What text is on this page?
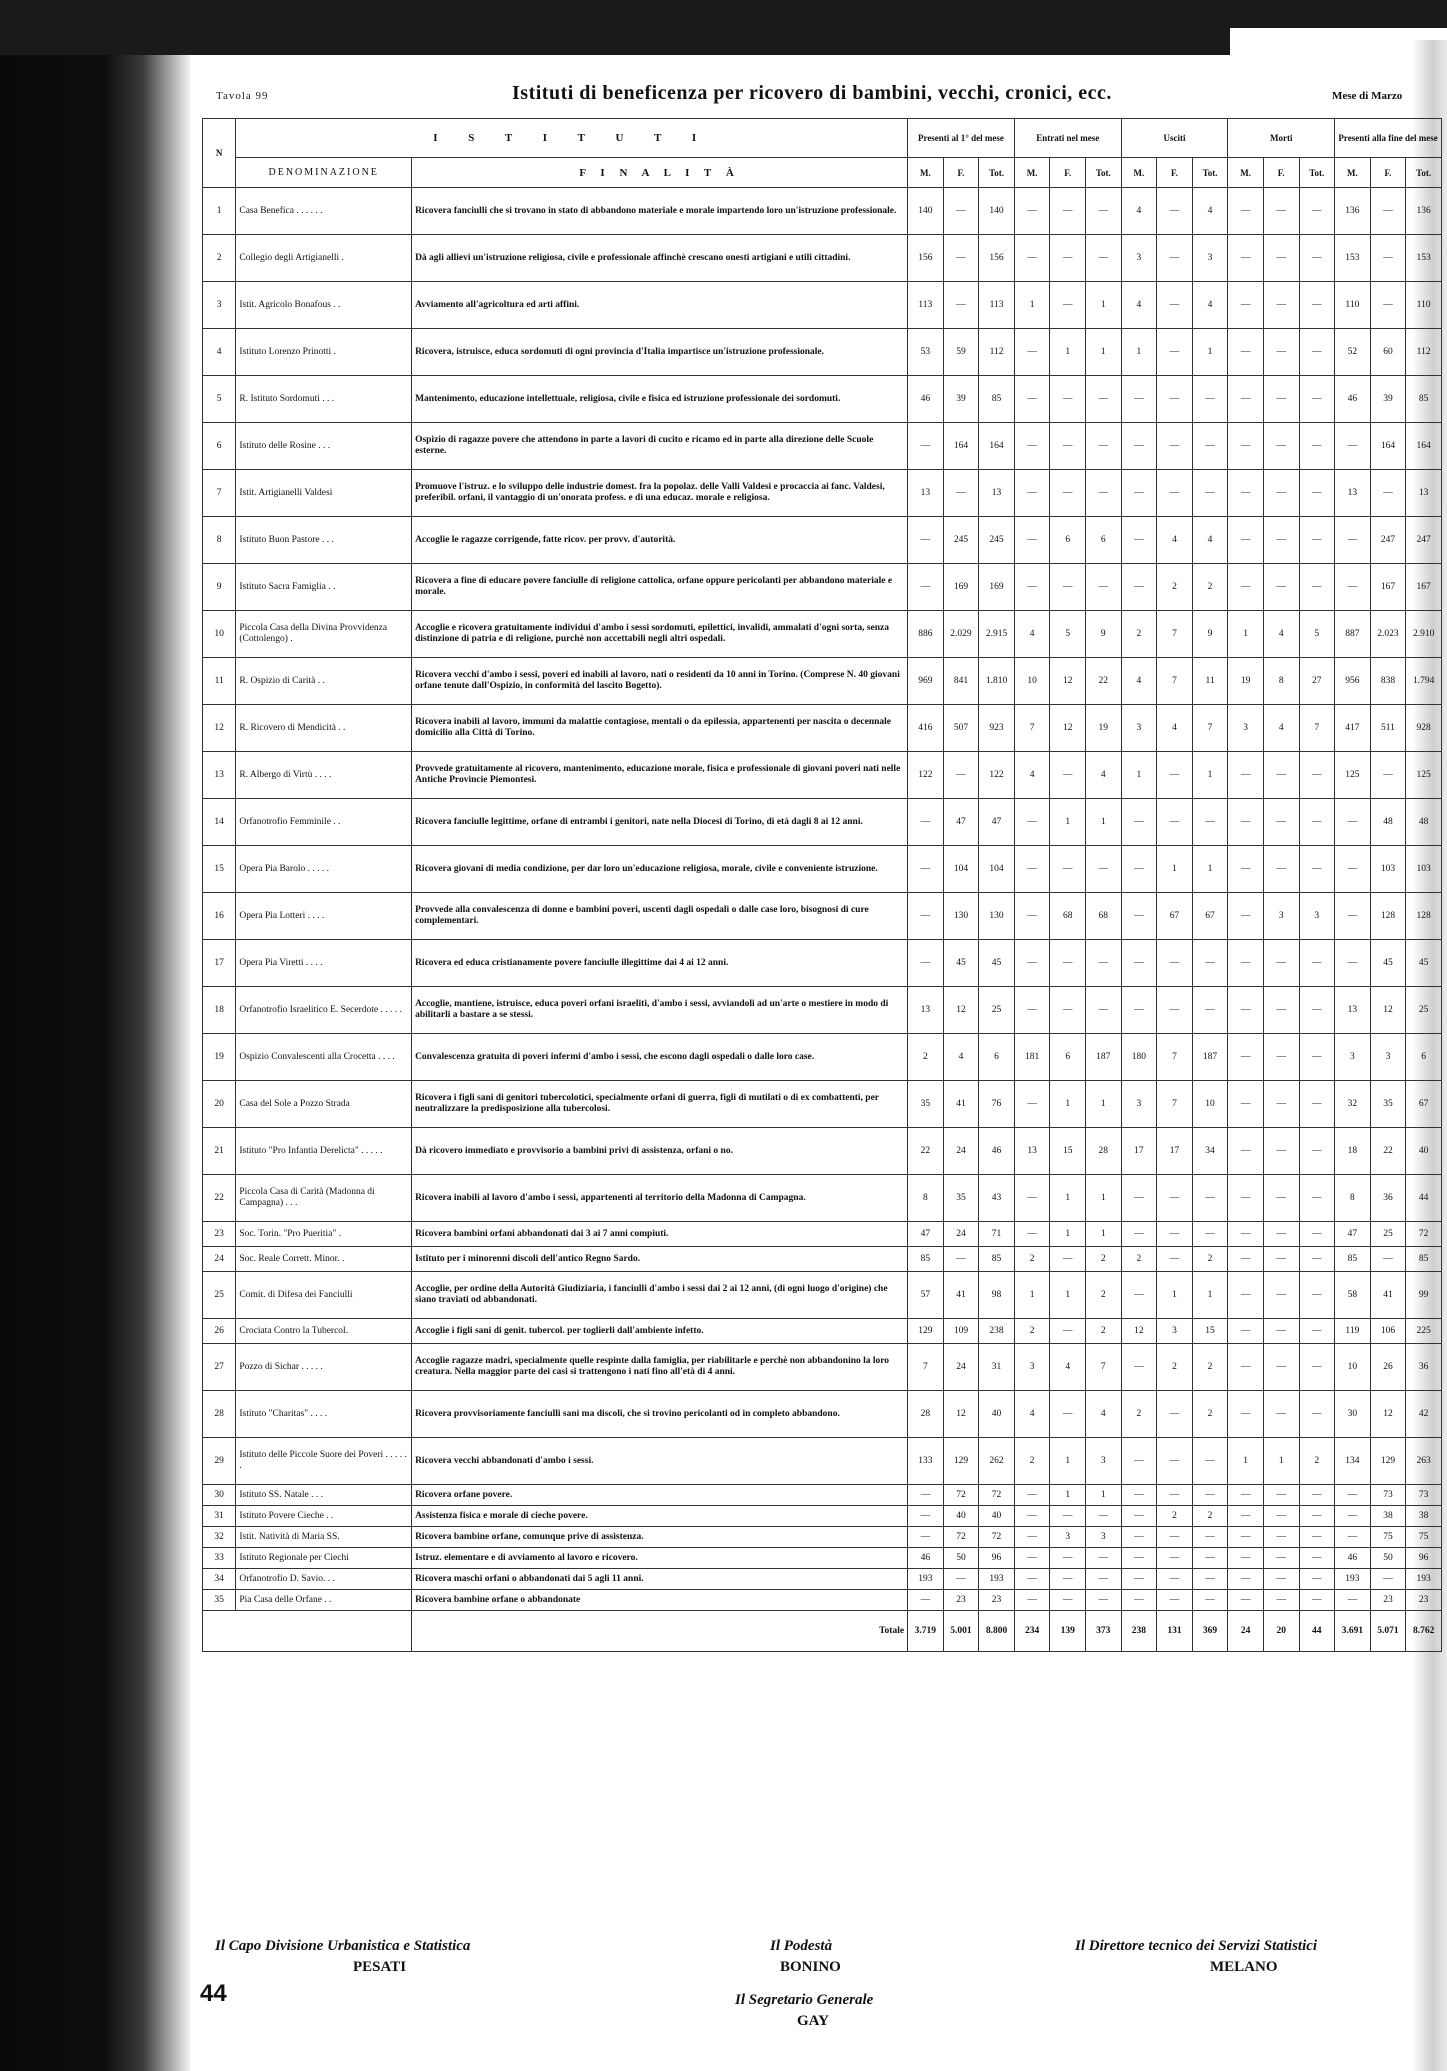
Tavola 99	Istituti di beneficenza per ricovero di bambini, vecchi, cronici, ecc.	Mese di Marzo
N	I S T I T U T I		Presenti al 1° del mese			Entrati nel mese			Usciti			Morti			Presenti alla fine del mese		
	DENOMINAZIONE	F I N A L I T À	M.	F.	Tot.	M.	F.	Tot.	M.	F.	Tot.	M.	F.	Tot.	M.	F.	Tot.
1	Casa Benefica . . . . . .	Ricovera fanciulli che si trovano in stato di abbandono materiale e morale impartendo loro un'istruzione professionale.	140	—	140	—	—	—	4	—	4	—	—	—	136	—	136
2	Collegio degli Artigianelli .	Dà agli allievi un'istruzione religiosa, civile e professionale affinchè crescano onesti artigiani e utili cittadini.	156	—	156	—	—	—	3	—	3	—	—	—	153	—	153
3	Istit. Agricolo Bonafous . .	Avviamento all'agricoltura ed arti affini.	113	—	113	1	—	1	4	—	4	—	—	—	110	—	110
4	Istituto Lorenzo Prinotti .	Ricovera, istruisce, educa sordomuti di ogni provincia d'Italia impartisce un'istruzione professionale.	53	59	112	—	1	1	1	—	1	—	—	—	52	60	112
5	R. Istituto Sordomuti . . .	Mantenimento, educazione intellettuale, religiosa, civile e fisica ed istruzione professionale dei sordomuti.	46	39	85	—	—	—	—	—	—	—	—	—	46	39	85
6	Istituto delle Rosine . . .	Ospizio di ragazze povere che attendono in parte a lavori di cucito e ricamo ed in parte alla direzione delle Scuole esterne.	—	164	164	—	—	—	—	—	—	—	—	—	—	164	164
7	Istit. Artigianelli Valdesi	Promuove l'istruz. e lo sviluppo delle industrie domest. fra la popolaz. delle Valli Valdesi e procaccia ai fanc. Valdesi, preferibil. orfani, il vantaggio di un'onorata profess. e di una educaz. morale e religiosa.	13	—	13	—	—	—	—	—	—	—	—	—	13	—	13
8	Istituto Buon Pastore . . .	Accoglie le ragazze corrigende, fatte ricov. per provv. d'autorità.	—	245	245	—	6	6	—	4	4	—	—	—	—	247	247
9	Istituto Sacra Famiglia . .	Ricovera a fine di educare povere fanciulle di religione cattolica, orfane oppure pericolanti per abbandono materiale e morale.	—	169	169	—	—	—	—	2	2	—	—	—	—	167	167
10	Piccola Casa della Divina Provvidenza (Cottolengo) .	Accoglie e ricovera gratuitamente individui d'ambo i sessi sordomuti, epilettici, invalidi, ammalati d'ogni sorta, senza distinzione di patria e di religione, purchè non accettabili negli altri ospedali.	886	2.029	2.915	4	5	9	2	7	9	1	4	5	887	2.023	2.910
11	R. Ospizio di Carità . .	Ricovera vecchi d'ambo i sessi, poveri ed inabili al lavoro, nati o residenti da 10 anni in Torino. (Comprese N. 40 giovani orfane tenute dall'Ospizio, in conformità del lascito Bogetto).	969	841	1.810	10	12	22	4	7	11	19	8	27	956	838	1.794
12	R. Ricovero di Mendicità . .	Ricovera inabili al lavoro, immuni da malattie contagiose, mentali o da epilessia, appartenenti per nascita o decennale domicilio alla Città di Torino.	416	507	923	7	12	19	3	4	7	3	4	7	417	511	928
13	R. Albergo di Virtù . . . .	Provvede gratuitamente al ricovero, mantenimento, educazione morale, fisica e professionale di giovani poveri nati nelle Antiche Provincie Piemontesi.	122	—	122	4	—	4	1	—	1	—	—	—	125	—	125
14	Orfanotrofio Femminile . .	Ricovera fanciulle legittime, orfane di entrambi i genitori, nate nella Diocesi di Torino, di età dagli 8 ai 12 anni.	—	47	47	—	1	1	—	—	—	—	—	—	—	48	48
15	Opera Pia Barolo . . . . .	Ricovera giovani di media condizione, per dar loro un'educazione religiosa, morale, civile e conveniente istruzione.	—	104	104	—	—	—	—	1	1	—	—	—	—	103	103
16	Opera Pia Lotteri . . . .	Provvede alla convalescenza di donne e bambini poveri, uscenti dagli ospedali o dalle case loro, bisognosi di cure complementari.	—	130	130	—	68	68	—	67	67	—	3	3	—	128	128
17	Opera Pia Viretti . . . .	Ricovera ed educa cristianamente povere fanciulle illegittime dai 4 ai 12 anni.	—	45	45	—	—	—	—	—	—	—	—	—	—	45	45
18	Orfanotrofio Israelitico E. Secerdote . . . . .	Accoglie, mantiene, istruisce, educa poveri orfani israeliti, d'ambo i sessi, avviandoli ad un'arte o mestiere in modo di abilitarli a bastare a se stessi.	13	12	25	—	—	—	—	—	—	—	—	—	13	12	25
19	Ospizio Convalescenti alla Crocetta . . . .	Convalescenza gratuita di poveri infermi d'ambo i sessi, che escono dagli ospedali o dalle loro case.	2	4	6	181	6	187	180	7	187	—	—	—	3	3	6
20	Casa del Sole a Pozzo Strada	Ricovera i figli sani di genitori tubercolotici, specialmente orfani di guerra, figli di mutilati o di ex combattenti, per neutralizzare la predisposizione alla tubercolosi.	35	41	76	—	1	1	3	7	10	—	—	—	32	35	67
21	Istituto "Pro Infantia Derelicta" . . . . .	Dà ricovero immediato e provvisorio a bambini privi di assistenza, orfani o no.	22	24	46	13	15	28	17	17	34	—	—	—	18	22	40
22	Piccola Casa di Carità (Madonna di Campagna) . . .	Ricovera inabili al lavoro d'ambo i sessi, appartenenti al territorio della Madonna di Campagna.	8	35	43	—	1	1	—	—	—	—	—	—	8	36	44
23	Soc. Torin. "Pro Pueritia" .	Ricovera bambini orfani abbandonati dai 3 ai 7 anni compiuti.	47	24	71	—	1	1	—	—	—	—	—	—	47	25	72
24	Soc. Reale Corrett. Minor. .	Istituto per i minorenni discoli dell'antico Regno Sardo.	85	—	85	2	—	2	2	—	2	—	—	—	85	—	85
25	Comit. di Difesa dei Fanciulli	Accoglie, per ordine della Autorità Giudiziaria, i fanciulli d'ambo i sessi dai 2 ai 12 anni, (di ogni luogo d'origine) che siano traviati od abbandonati.	57	41	98	1	1	2	—	1	1	—	—	—	58	41	99
26	Crociata Contro la Tubercol.	Accoglie i figli sani di genit. tubercol. per toglierli dall'ambiente infetto.	129	109	238	2	—	2	12	3	15	—	—	—	119	106	225
27	Pozzo di Sichar . . . . .	Accoglie ragazze madri, specialmente quelle respinte dalla famiglia, per riabilitarle e perchè non abbandonino la loro creatura. Nella maggior parte dei casi si trattengono i nati fino all'età di 4 anni.	7	24	31	3	4	7	—	2	2	—	—	—	10	26	36
28	Istituto "Charitas" . . . .	Ricovera provvisoriamente fanciulli sani ma discoli, che si trovino pericolanti od in completo abbandono.	28	12	40	4	—	4	2	—	2	—	—	—	30	12	42
29	Istituto delle Piccole Suore dei Poveri . . . . . .	Ricovera vecchi abbandonati d'ambo i sessi.	133	129	262	2	1	3	—	—	—	1	1	2	134	129	263
30	Istituto SS. Natale . . .	Ricovera orfane povere.	—	72	72	—	1	1	—	—	—	—	—	—	—	73	73
31	Istituto Povere Cieche . .	Assistenza fisica e morale di cieche povere.	—	40	40	—	—	—	—	2	2	—	—	—	—	38	38
32	Istit. Natività di Maria SS.	Ricovera bambine orfane, comunque prive di assistenza.	—	72	72	—	3	3	—	—	—	—	—	—	—	75	75
33	Istituto Regionale per Ciechi	Istruz. elementare e di avviamento al lavoro e ricovero.	46	50	96	—	—	—	—	—	—	—	—	—	46	50	96
34	Orfanotrofio D. Savio. . .	Ricovera maschi orfani o abbandonati dai 5 agli 11 anni.	193	—	193	—	—	—	—	—	—	—	—	—	193	—	193
35	Pia Casa delle Orfane . .	Ricovera bambine orfane o abbandonate	—	23	23	—	—	—	—	—	—	—	—	—	—	23	23
		Totale	3.719	5.001	8.800	234	139	373	238	131	369	24	20	44	3.691	5.071	8.762
44
Il Capo Divisione Urbanistica e Statistica
PESATI
Il Podestà
BONINO
Il Direttore tecnico dei Servizi Statistici
MELANO
Il Segretario Generale
GAY
